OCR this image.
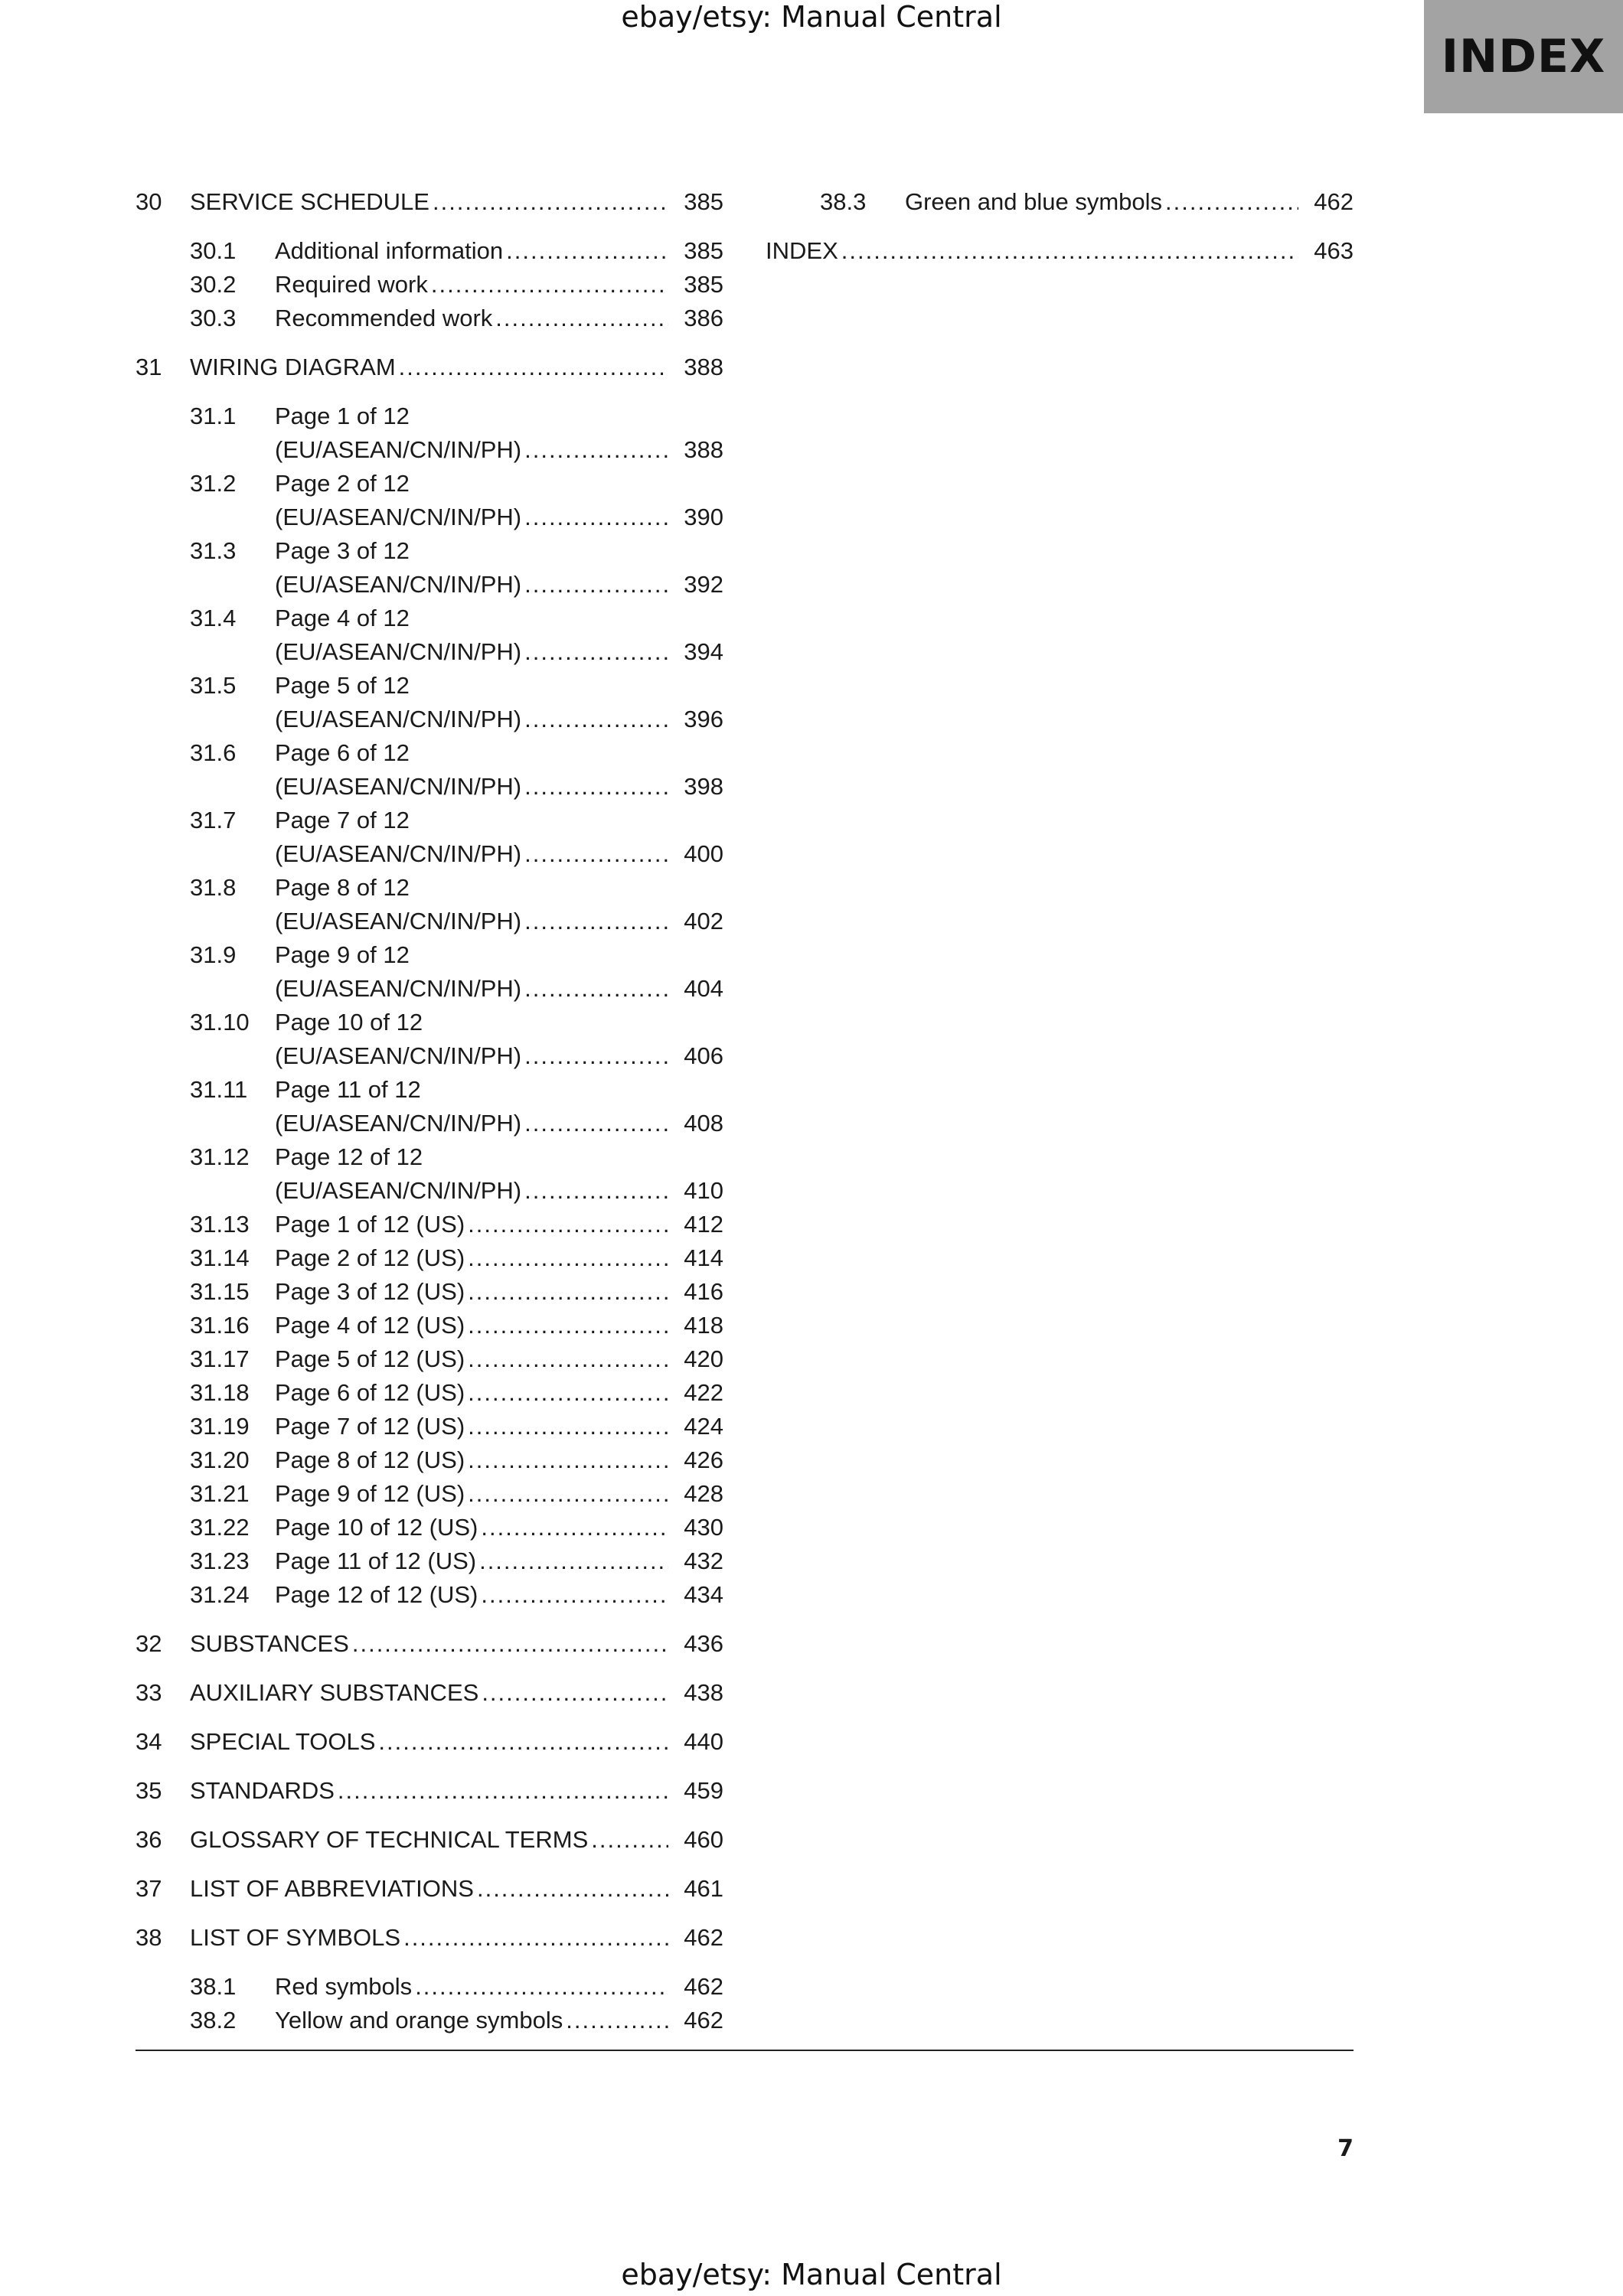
ebay/etsy: Manual Central
INDEX
30	SERVICE SCHEDULE .....	385
30.1	Additional information .....	385
30.2	Required work .....	385
30.3	Recommended work .....	386
31	WIRING DIAGRAM .....	388
31.1	Page 1 of 12
(EU/ASEAN/CN/IN/PH) .....	388
31.2	Page 2 of 12
(EU/ASEAN/CN/IN/PH) .....	390
31.3	Page 3 of 12
(EU/ASEAN/CN/IN/PH) .....	392
31.4	Page 4 of 12
(EU/ASEAN/CN/IN/PH) .....	394
31.5	Page 5 of 12
(EU/ASEAN/CN/IN/PH) .....	396
31.6	Page 6 of 12
(EU/ASEAN/CN/IN/PH) .....	398
31.7	Page 7 of 12
(EU/ASEAN/CN/IN/PH) .....	400
31.8	Page 8 of 12
(EU/ASEAN/CN/IN/PH) .....	402
31.9	Page 9 of 12
(EU/ASEAN/CN/IN/PH) .....	404
31.10	Page 10 of 12
(EU/ASEAN/CN/IN/PH) .....	406
31.11	Page 11 of 12
(EU/ASEAN/CN/IN/PH) .....	408
31.12	Page 12 of 12
(EU/ASEAN/CN/IN/PH) .....	410
31.13	Page 1 of 12 (US) .....	412
31.14	Page 2 of 12 (US) .....	414
31.15	Page 3 of 12 (US) .....	416
31.16	Page 4 of 12 (US) .....	418
31.17	Page 5 of 12 (US) .....	420
31.18	Page 6 of 12 (US) .....	422
31.19	Page 7 of 12 (US) .....	424
31.20	Page 8 of 12 (US) .....	426
31.21	Page 9 of 12 (US) .....	428
31.22	Page 10 of 12 (US) .....	430
31.23	Page 11 of 12 (US) .....	432
31.24	Page 12 of 12 (US) .....	434
32	SUBSTANCES .....	436
33	AUXILIARY SUBSTANCES .....	438
34	SPECIAL TOOLS .....	440
35	STANDARDS .....	459
36	GLOSSARY OF TECHNICAL TERMS .....	460
37	LIST OF ABBREVIATIONS .....	461
38	LIST OF SYMBOLS .....	462
38.1	Red symbols .....	462
38.2	Yellow and orange symbols .....	462
38.3	Green and blue symbols .....	462
INDEX .....	463
7
ebay/etsy: Manual Central
